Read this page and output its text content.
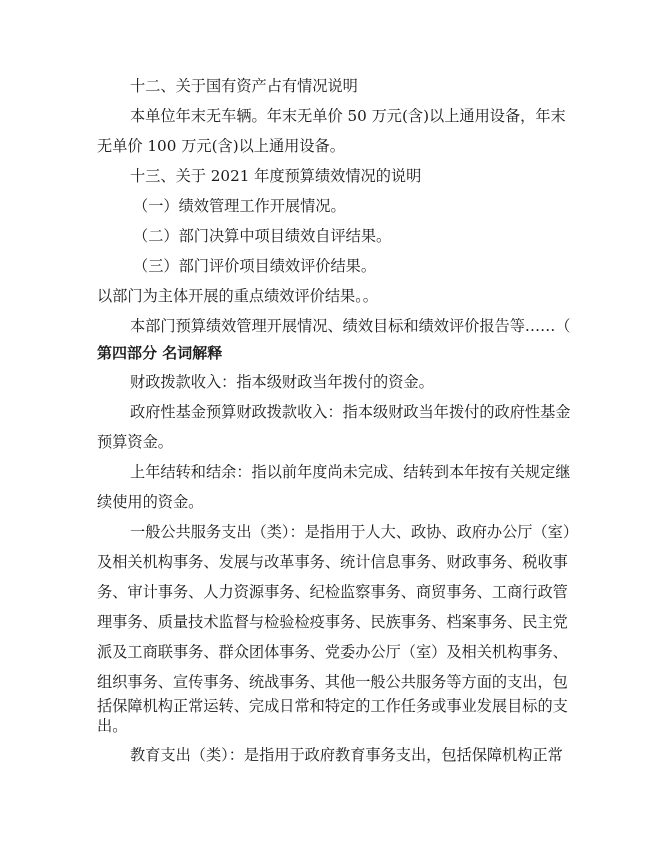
十二、关于国有资产占有情况说明
本单位年末无车辆。年末无单价 50 万元(含)以上通用设备，年末
无单价 100 万元(含)以上通用设备。
十三、关于 2021 年度预算绩效情况的说明
（一）绩效管理工作开展情况。
（二）部门决算中项目绩效自评结果。
（三）部门评价项目绩效评价结果。
以部门为主体开展的重点绩效评价结果。。
本部门预算绩效管理开展情况、绩效目标和绩效评价报告等……（
第四部分 名词解释
财政拨款收入：指本级财政当年拨付的资金。
政府性基金预算财政拨款收入：指本级财政当年拨付的政府性基金
预算资金。
上年结转和结余：指以前年度尚未完成、结转到本年按有关规定继
续使用的资金。
一般公共服务支出（类）：是指用于人大、政协、政府办公厅（室）
及相关机构事务、发展与改革事务、统计信息事务、财政事务、税收事
务、审计事务、人力资源事务、纪检监察事务、商贸事务、工商行政管
理事务、质量技术监督与检验检疫事务、民族事务、档案事务、民主党
派及工商联事务、群众团体事务、党委办公厅（室）及相关机构事务、
组织事务、宣传事务、统战事务、其他一般公共服务等方面的支出，包
括保障机构正常运转、完成日常和特定的工作任务或事业发展目标的支
出。
教育支出（类）：是指用于政府教育事务支出，包括保障机构正常
